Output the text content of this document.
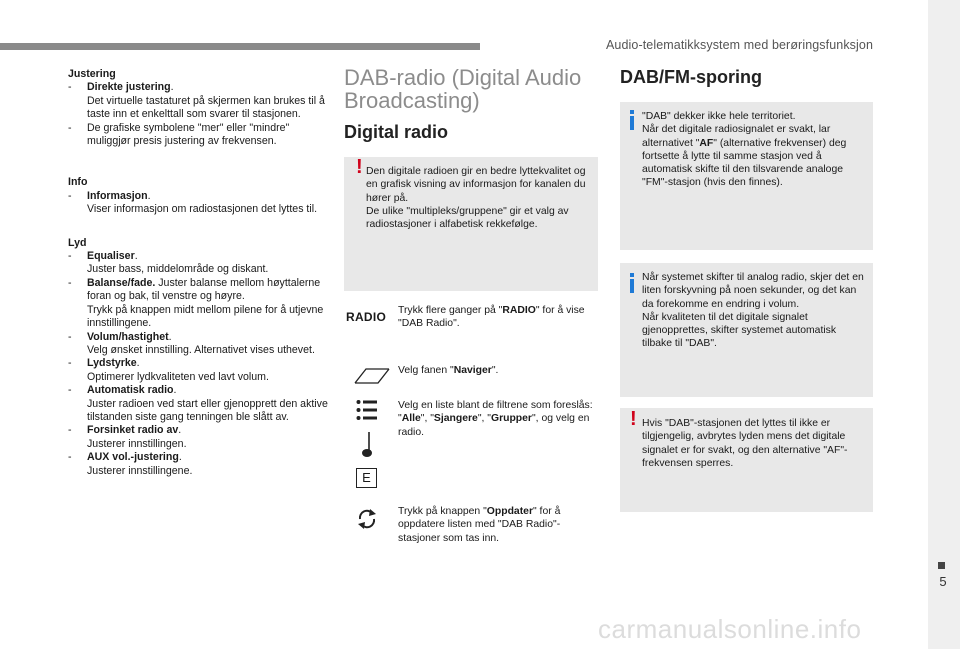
Audio-telematikksystem med berøringsfunksjon
5
carmanualsonline.info
Justering
- Direkte justering.
Det virtuelle tastaturet på skjermen kan brukes til å taste inn et enkelttall som svarer til stasjonen.
- De grafiske symbolene "mer" eller "mindre" muliggjør presis justering av frekvensen.
Info
- Informasjon.
Viser informasjon om radiostasjonen det lyttes til.
Lyd
- Equaliser.
Juster bass, middelområde og diskant.
- Balanse/fade. Juster balanse mellom høyttalerne foran og bak, til venstre og høyre.
Trykk på knappen midt mellom pilene for å utjevne innstillingene.
- Volum/hastighet.
Velg ønsket innstilling. Alternativet vises uthevet.
- Lydstyrke.
Optimerer lydkvaliteten ved lavt volum.
- Automatisk radio.
Juster radioen ved start eller gjenopprett den aktive tilstanden siste gang tenningen ble slått av.
- Forsinket radio av.
Justerer innstillingen.
- AUX vol.-justering.
Justerer innstillingene.
DAB-radio (Digital Audio Broadcasting)
Digital radio
! Den digitale radioen gir en bedre lyttekvalitet og en grafisk visning av informasjon for kanalen du hører på.
De ulike "multipleks/gruppene" gir et valg av radiostasjoner i alfabetisk rekkefølge.
RADIO Trykk flere ganger på "RADIO" for å vise "DAB Radio".
Velg fanen "Naviger".
E
Velg en liste blant de filtrene som foreslås: "Alle", "Sjangere", "Grupper", og velg en radio.
Trykk på knappen "Oppdater" for å oppdatere listen med "DAB Radio"-stasjoner som tas inn.
DAB/FM-sporing
"DAB" dekker ikke hele territoriet.
Når det digitale radiosignalet er svakt, lar alternativet "AF" (alternative frekvenser) deg fortsette å lytte til samme stasjon ved å automatisk skifte til den tilsvarende analoge "FM"-stasjon (hvis den finnes).
Når systemet skifter til analog radio, skjer det en liten forskyvning på noen sekunder, og det kan da forekomme en endring i volum.
Når kvaliteten til det digitale signalet gjenopprettes, skifter systemet automatisk tilbake til "DAB".
! Hvis "DAB"-stasjonen det lyttes til ikke er tilgjengelig, avbrytes lyden mens det digitale signalet er for svakt, og den alternative "AF"-frekvensen sperres.
